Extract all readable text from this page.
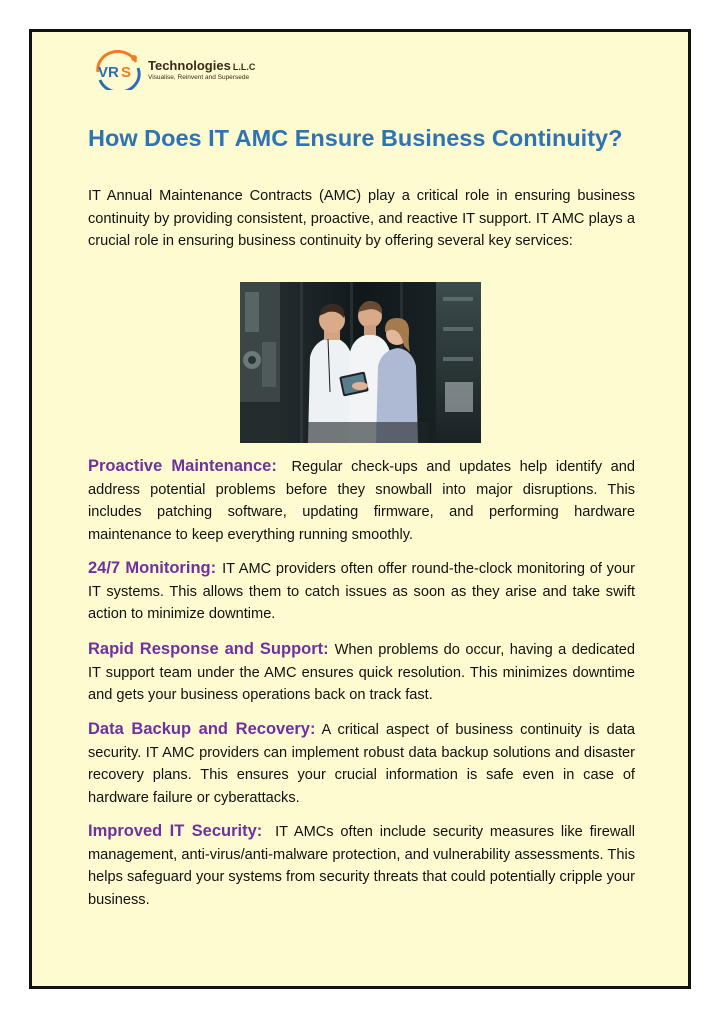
VR S Technologies L.L.C
Visualise, Reinvent and Supersede
How Does IT AMC Ensure Business Continuity?

IT Annual Maintenance Contracts (AMC) play a critical role in ensuring business continuity by providing consistent, proactive, and reactive IT support. IT AMC plays a crucial role in ensuring business continuity by offering several key services:

Proactive Maintenance: Regular check-ups and updates help identify and address potential problems before they snowball into major disruptions. This includes patching software, updating firmware, and performing hardware maintenance to keep everything running smoothly.

24/7 Monitoring: IT AMC providers often offer round-the-clock monitoring of your IT systems. This allows them to catch issues as soon as they arise and take swift action to minimize downtime.

Rapid Response and Support: When problems do occur, having a dedicated IT support team under the AMC ensures quick resolution. This minimizes downtime and gets your business operations back on track fast.

Data Backup and Recovery: A critical aspect of business continuity is data security. IT AMC providers can implement robust data backup solutions and disaster recovery plans. This ensures your crucial information is safe even in case of hardware failure or cyberattacks.

Improved IT Security: IT AMCs often include security measures like firewall management, anti-virus/anti-malware protection, and vulnerability assessments. This helps safeguard your systems from security threats that could potentially cripple your business.
